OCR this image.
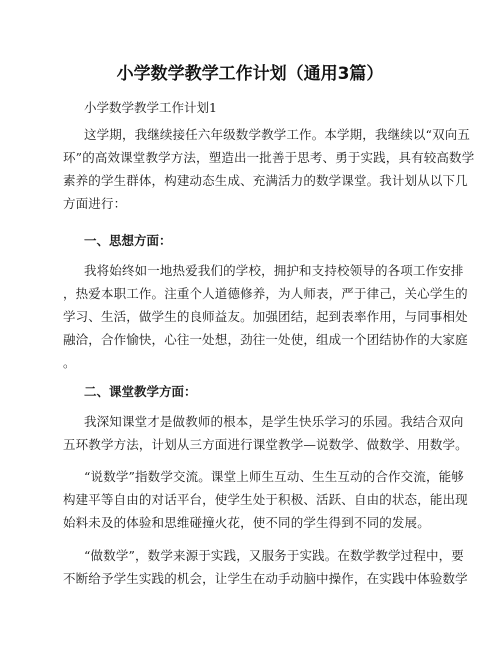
小学数学教学工作计划（通用3篇）
小学数学教学工作计划1
这学期，我继续接任六年级数学教学工作。本学期，我继续以“双向五
环”的高效课堂教学方法，塑造出一批善于思考、勇于实践，具有较高数学
素养的学生群体，构建动态生成、充满活力的数学课堂。我计划从以下几
方面进行：
一、思想方面：
我将始终如一地热爱我们的学校，拥护和支持校领导的各项工作安排
，热爱本职工作。注重个人道德修养，为人师表，严于律己，关心学生的
学习、生活，做学生的良师益友。加强团结，起到表率作用，与同事相处
融洽，合作愉快，心往一处想，劲往一处使，组成一个团结协作的大家庭
。
二、课堂教学方面：
我深知课堂才是做教师的根本，是学生快乐学习的乐园。我结合双向
五环教学方法，计划从三方面进行课堂教学—说数学、做数学、用数学。
“说数学”指数学交流。课堂上师生互动、生生互动的合作交流，能够
构建平等自由的对话平台，使学生处于积极、活跃、自由的状态，能出现
始料未及的体验和思维碰撞火花，使不同的学生得到不同的发展。
“做数学”，数学来源于实践，又服务于实践。在数学教学过程中，要
不断给予学生实践的机会，让学生在动手动脑中操作，在实践中体验数学
